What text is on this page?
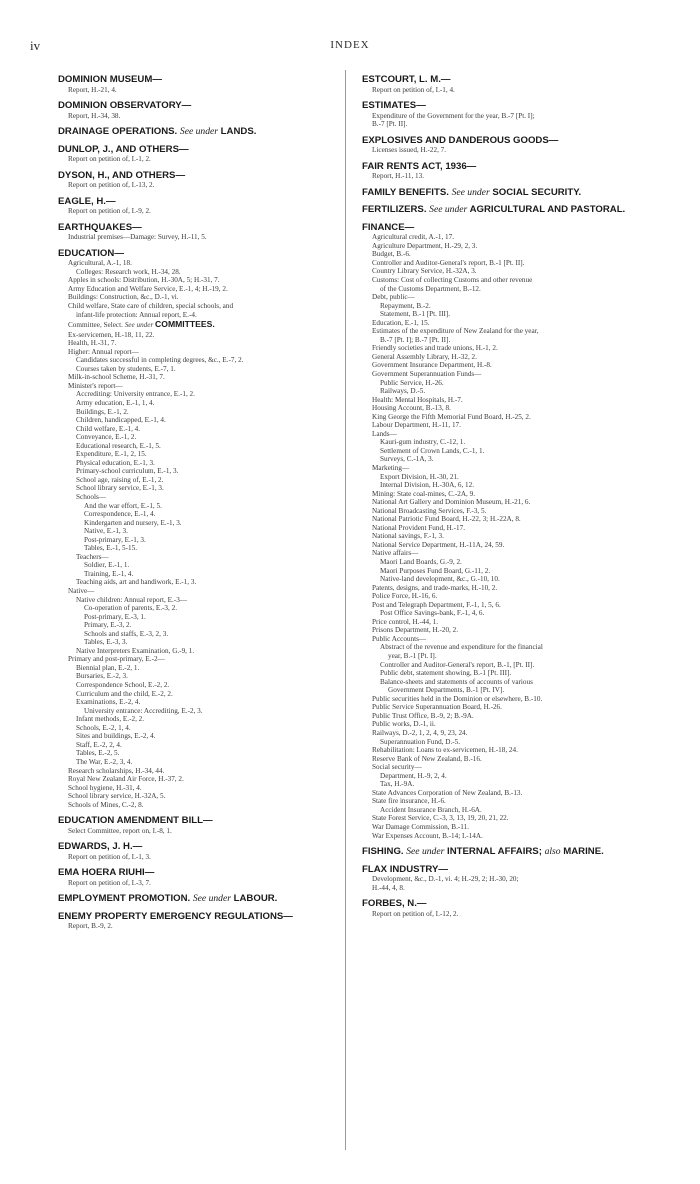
iv	INDEX
DOMINION MUSEUM—
Report, H.-21, 4.
DOMINION OBSERVATORY—
Report, H.-34, 38.
DRAINAGE OPERATIONS. See under LANDS.
DUNLOP, J., AND OTHERS—
Report on petition of, I.-1, 2.
DYSON, H., AND OTHERS—
Report on petition of, I.-13, 2.
EAGLE, H.—
Report on petition of, I.-9, 2.
EARTHQUAKES—
Industrial premises—Damage: Survey, H.-11, 5.
EDUCATION—
Agricultural, A.-1, 18.
Colleges: Research work, H.-34, 28.
Apples in schools: Distribution, H.-30A, 5; H.-31, 7.
Army Education and Welfare Service, E.-1, 4; H.-19, 2.
Buildings: Construction, &c., D.-1, vi.
Child welfare, State care of children, special schools, and
infant-life protection: Annual report, E.-4.
Committee, Select. See under COMMITTEES.
Ex-servicemen, H.-18, 11, 22.
Health, H.-31, 7.
Higher: Annual report—
Candidates successful in completing degrees, &c., E.-7, 2.
Courses taken by students, E.-7, 1.
Milk-in-school Scheme, H.-31, 7.
Minister's report—
Accrediting: University entrance, E.-1, 2.
Army education, E.-1, 1, 4.
Buildings, E.-1, 2.
Children, handicapped, E.-1, 4.
Child welfare, E.-1, 4.
Conveyance, E.-1, 2.
Educational research, E.-1, 5.
Expenditure, E.-1, 2, 15.
Physical education, E.-1, 3.
Primary-school curriculum, E.-1, 3.
School age, raising of, E.-1, 2.
School library service, E.-1, 3.
Schools—
And the war effort, E.-1, 5.
Correspondence, E.-1, 4.
Kindergarten and nursery, E.-1, 3.
Native, E.-1, 3.
Post-primary, E.-1, 3.
Tables, E.-1, 5-15.
Teachers—
Soldier, E.-1, 1.
Training, E.-1, 4.
Teaching aids, art and handiwork, E.-1, 3.
Native—
Native children: Annual report, E.-3—
Co-operation of parents, E.-3, 2.
Post-primary, E.-3, 1.
Primary, E.-3, 2.
Schools and staffs, E.-3, 2, 3.
Tables, E.-3, 3.
Native Interpreters Examination, G.-9, 1.
Primary and post-primary, E.-2—
Biennial plan, E.-2, 1.
Bursaries, E.-2, 3.
Correspondence School, E.-2, 2.
Curriculum and the child, E.-2, 2.
Examinations, E.-2, 4.
University entrance: Accrediting, E.-2, 3.
Infant methods, E.-2, 2.
Schools, E.-2, 1, 4.
Sites and buildings, E.-2, 4.
Staff, E.-2, 2, 4.
Tables, E.-2, 5.
The War, E.-2, 3, 4.
Research scholarships, H.-34, 44.
Royal New Zealand Air Force, H.-37, 2.
School hygiene, H.-31, 4.
School library service, H.-32A, 5.
Schools of Mines, C.-2, 8.
EDUCATION AMENDMENT BILL—
Select Committee, report on, I.-8, 1.
EDWARDS, J. H.—
Report on petition of, I.-1, 3.
EMA HOERA RIUHI—
Report on petition of, I.-3, 7.
EMPLOYMENT PROMOTION. See under LABOUR.
ENEMY PROPERTY EMERGENCY REGULATIONS—
Report, B.-9, 2.
ESTCOURT, L. M.—
Report on petition of, I.-1, 4.
ESTIMATES—
Expenditure of the Government for the year, B.-7 [Pt. I];
B.-7 [Pt. II].
EXPLOSIVES AND DANDEROUS GOODS—
Licenses issued, H.-22, 7.
FAIR RENTS ACT, 1936—
Report, H.-11, 13.
FAMILY BENEFITS. See under SOCIAL SECURITY.
FERTILIZERS. See under AGRICULTURAL AND PASTORAL.
FINANCE—
Agricultural credit, A.-1, 17.
Agriculture Department, H.-29, 2, 3.
Budget, B.-6.
Controller and Auditor-General's report, B.-1 [Pt. II].
Country Library Service, H.-32A, 3.
Customs: Cost of collecting Customs and other revenue
of the Customs Department, B.-12.
Debt, public—
Repayment, B.-2.
Statement, B.-1 [Pt. III].
Education, E.-1, 15.
Estimates of the expenditure of New Zealand for the year,
B.-7 [Pt. I]; B.-7 [Pt. II].
Friendly societies and trade unions, H.-1, 2.
General Assembly Library, H.-32, 2.
Government Insurance Department, H.-8.
Government Superannuation Funds—
Public Service, H.-26.
Railways, D.-5.
Health: Mental Hospitals, H.-7.
Housing Account, B.-13, 8.
King George the Fifth Memorial Fund Board, H.-25, 2.
Labour Department, H.-11, 17.
Lands—
Kauri-gum industry, C.-12, 1.
Settlement of Crown Lands, C.-1, 1.
Surveys, C.-1A, 3.
Marketing—
Export Division, H.-30, 21.
Internal Division, H.-30A, 6, 12.
Mining: State coal-mines, C.-2A, 9.
National Art Gallery and Dominion Museum, H.-21, 6.
National Broadcasting Services, F.-3, 5.
National Patriotic Fund Board, H.-22, 3; H.-22A, 8.
National Provident Fund, H.-17.
National savings, F.-1, 3.
National Service Department, H.-11A, 24, 59.
Native affairs—
Maori Land Boards, G.-9, 2.
Maori Purposes Fund Board, G.-11, 2.
Native-land development, &c., G.-10, 10.
Patents, designs, and trade-marks, H.-10, 2.
Police Force, H.-16, 6.
Post and Telegraph Department, F.-1, 1, 5, 6.
Post Office Savings-bank, F.-1, 4, 6.
Price control, H.-44, 1.
Prisons Department, H.-20, 2.
Public Accounts—
Abstract of the revenue and expenditure for the financial
year, B.-1 [Pt. I].
Controller and Auditor-General's report, B.-1, [Pt. II].
Public debt, statement showing, B.-1 [Pt. III].
Balance-sheets and statements of accounts of various
Government Departments, B.-1 [Pt. IV].
Public securities held in the Dominion or elsewhere, B.-10.
Public Service Superannuation Board, H.-26.
Public Trust Office, B.-9, 2; B.-9A.
Public works, D.-1, ii.
Railways, D.-2, 1, 2, 4, 9, 23, 24.
Superannuation Fund, D.-5.
Rehabilitation: Loans to ex-servicemen, H.-18, 24.
Reserve Bank of New Zealand, B.-16.
Social security—
Department, H.-9, 2, 4.
Tax, H.-9A.
State Advances Corporation of New Zealand, B.-13.
State fire insurance, H.-6.
Accident Insurance Branch, H.-6A.
State Forest Service, C.-3, 3, 13, 19, 20, 21, 22.
War Damage Commission, B.-11.
War Expenses Account, B.-14; I.-14A.
FISHING. See under INTERNAL AFFAIRS; also MARINE.
FLAX INDUSTRY—
Development, &c., D.-1, vi. 4; H.-29, 2; H.-30, 20;
H.-44, 4, 8.
FORBES, N.—
Report on petition of, I.-12, 2.
